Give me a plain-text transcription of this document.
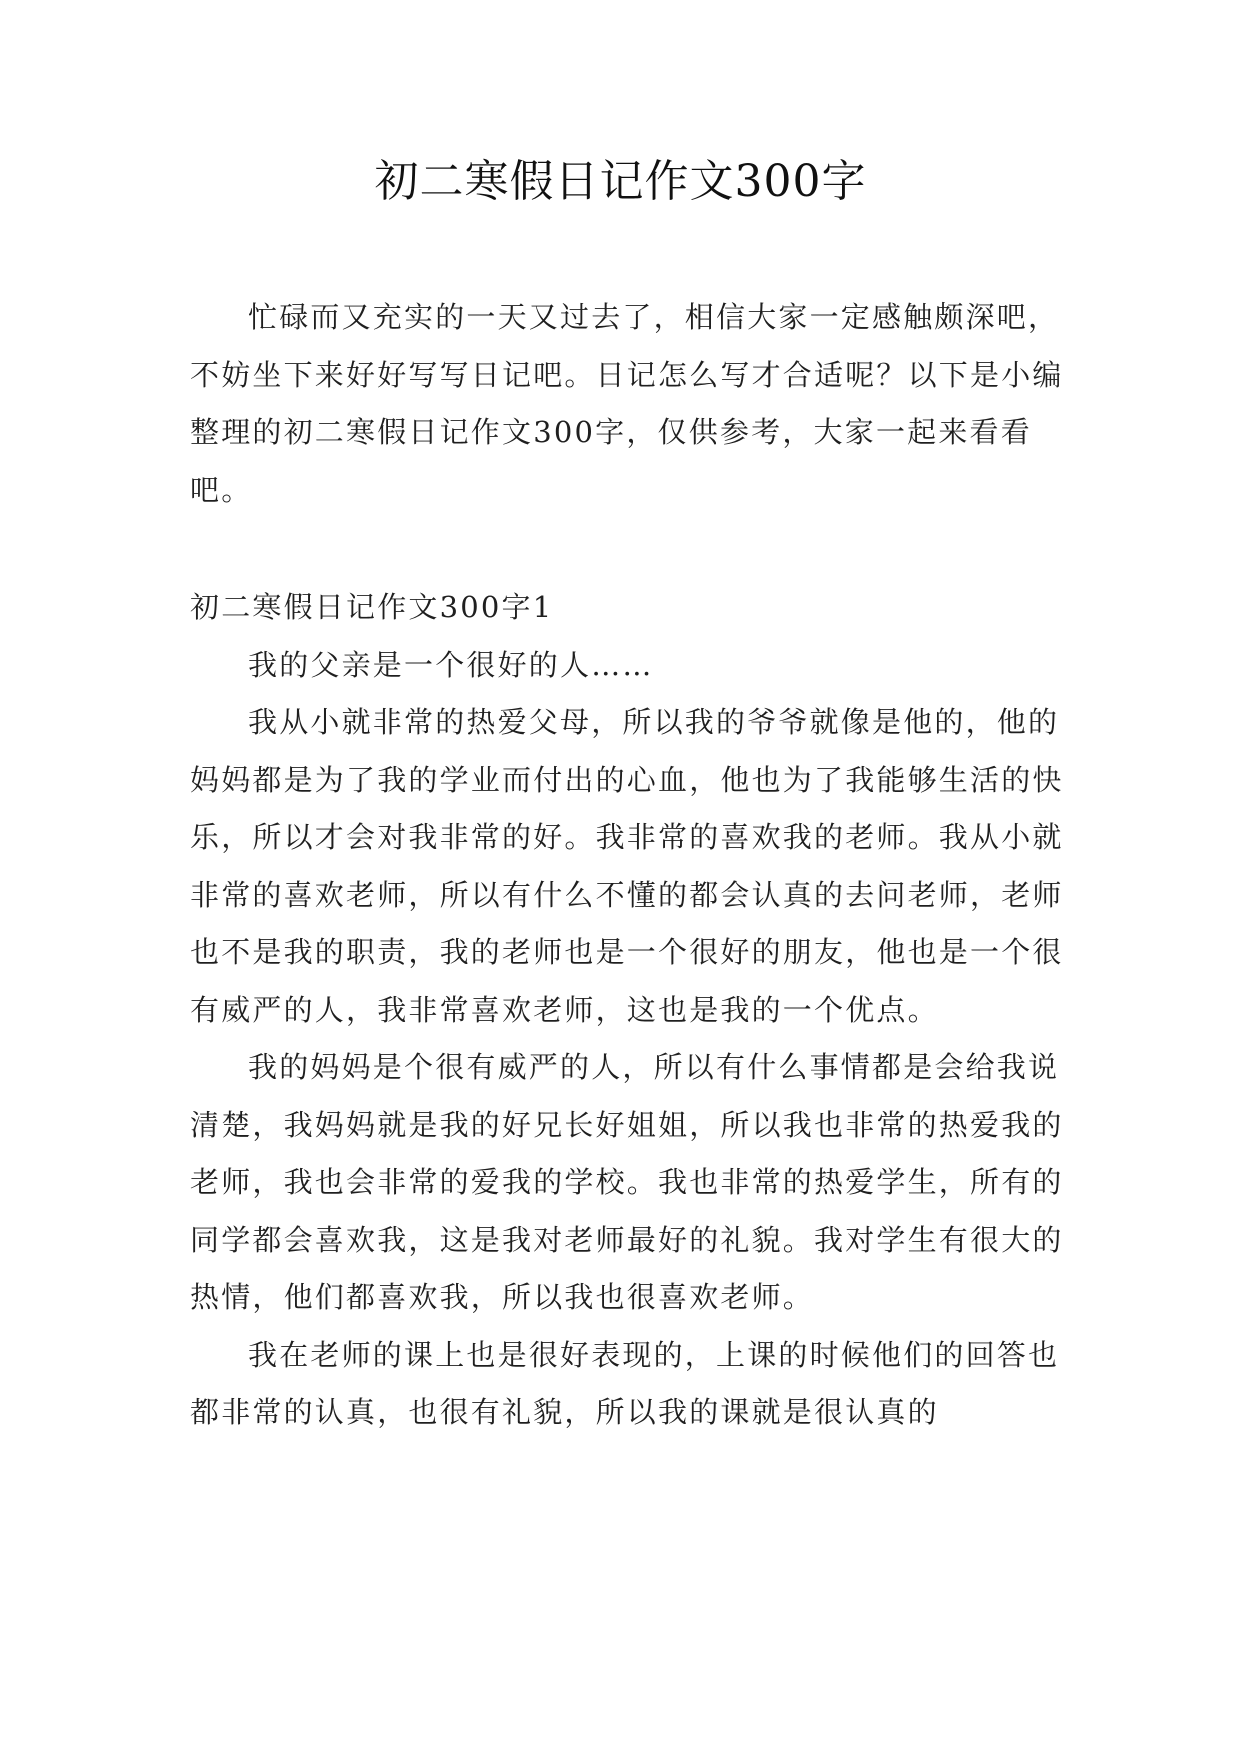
初二寒假日记作文300字

忙碌而又充实的一天又过去了，相信大家一定感触颇深吧，不妨坐下来好好写写日记吧。日记怎么写才合适呢？以下是小编整理的初二寒假日记作文300字，仅供参考，大家一起来看看吧。

初二寒假日记作文300字1

我的父亲是一个很好的人……

我从小就非常的热爱父母，所以我的爷爷就像是他的，他的妈妈都是为了我的学业而付出的心血，他也为了我能够生活的快乐，所以才会对我非常的好。我非常的喜欢我的老师。我从小就非常的喜欢老师，所以有什么不懂的都会认真的去问老师，老师也不是我的职责，我的老师也是一个很好的朋友，他也是一个很有威严的人，我非常喜欢老师，这也是我的一个优点。

我的妈妈是个很有威严的人，所以有什么事情都是会给我说清楚，我妈妈就是我的好兄长好姐姐，所以我也非常的热爱我的老师，我也会非常的爱我的学校。我也非常的热爱学生，所有的同学都会喜欢我，这是我对老师最好的礼貌。我对学生有很大的热情，他们都喜欢我，所以我也很喜欢老师。

我在老师的课上也是很好表现的，上课的时候他们的回答也都非常的认真，也很有礼貌，所以我的课就是很认真的
